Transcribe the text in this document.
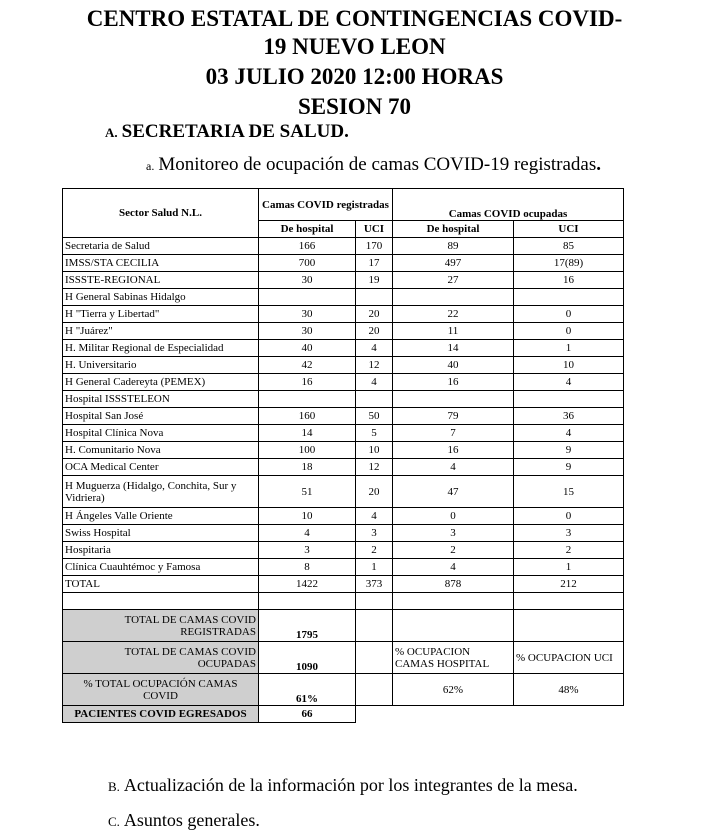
CENTRO ESTATAL DE CONTINGENCIAS COVID-
19 NUEVO LEON
03 JULIO 2020 12:00 HORAS
SESION 70
A. SECRETARIA DE SALUD.
a. Monitoreo de ocupación de camas COVID-19 registradas.
Sector Salud N.L.	Camas COVID registradas		Camas COVID ocupadas	
	De hospital	UCI	De hospital	UCI
Secretaria de Salud	166	170	89	85
IMSS/STA CECILIA	700	17	497	17(89)
ISSSTE-REGIONAL	30	19	27	16
H General Sabinas Hidalgo				
H "Tierra y Libertad"	30	20	22	0
H "Juárez"	30	20	11	0
H. Militar Regional de Especialidad	40	4	14	1
H. Universitario	42	12	40	10
H General Cadereyta (PEMEX)	16	4	16	4
Hospital ISSSTELEON				
Hospital San José	160	50	79	36
Hospital Clínica Nova	14	5	7	4
H. Comunitario Nova	100	10	16	9
OCA Medical Center	18	12	4	9
H Muguerza (Hidalgo, Conchita, Sur y Vidriera)	51	20	47	15
H Ángeles Valle Oriente	10	4	0	0
Swiss Hospital	4	3	3	3
Hospitaria	3	2	2	2
Clínica Cuauhtémoc y Famosa	8	1	4	1
TOTAL	1422	373	878	212

TOTAL DE CAMAS COVID REGISTRADAS	1795			
TOTAL DE CAMAS COVID OCUPADAS	1090		% OCUPACION CAMAS HOSPITAL	% OCUPACION UCI
% TOTAL OCUPACIÓN CAMAS COVID	61%		62%	48%
PACIENTES COVID EGRESADOS	66			
B. Actualización de la información por los integrantes de la mesa.
C. Asuntos generales.
